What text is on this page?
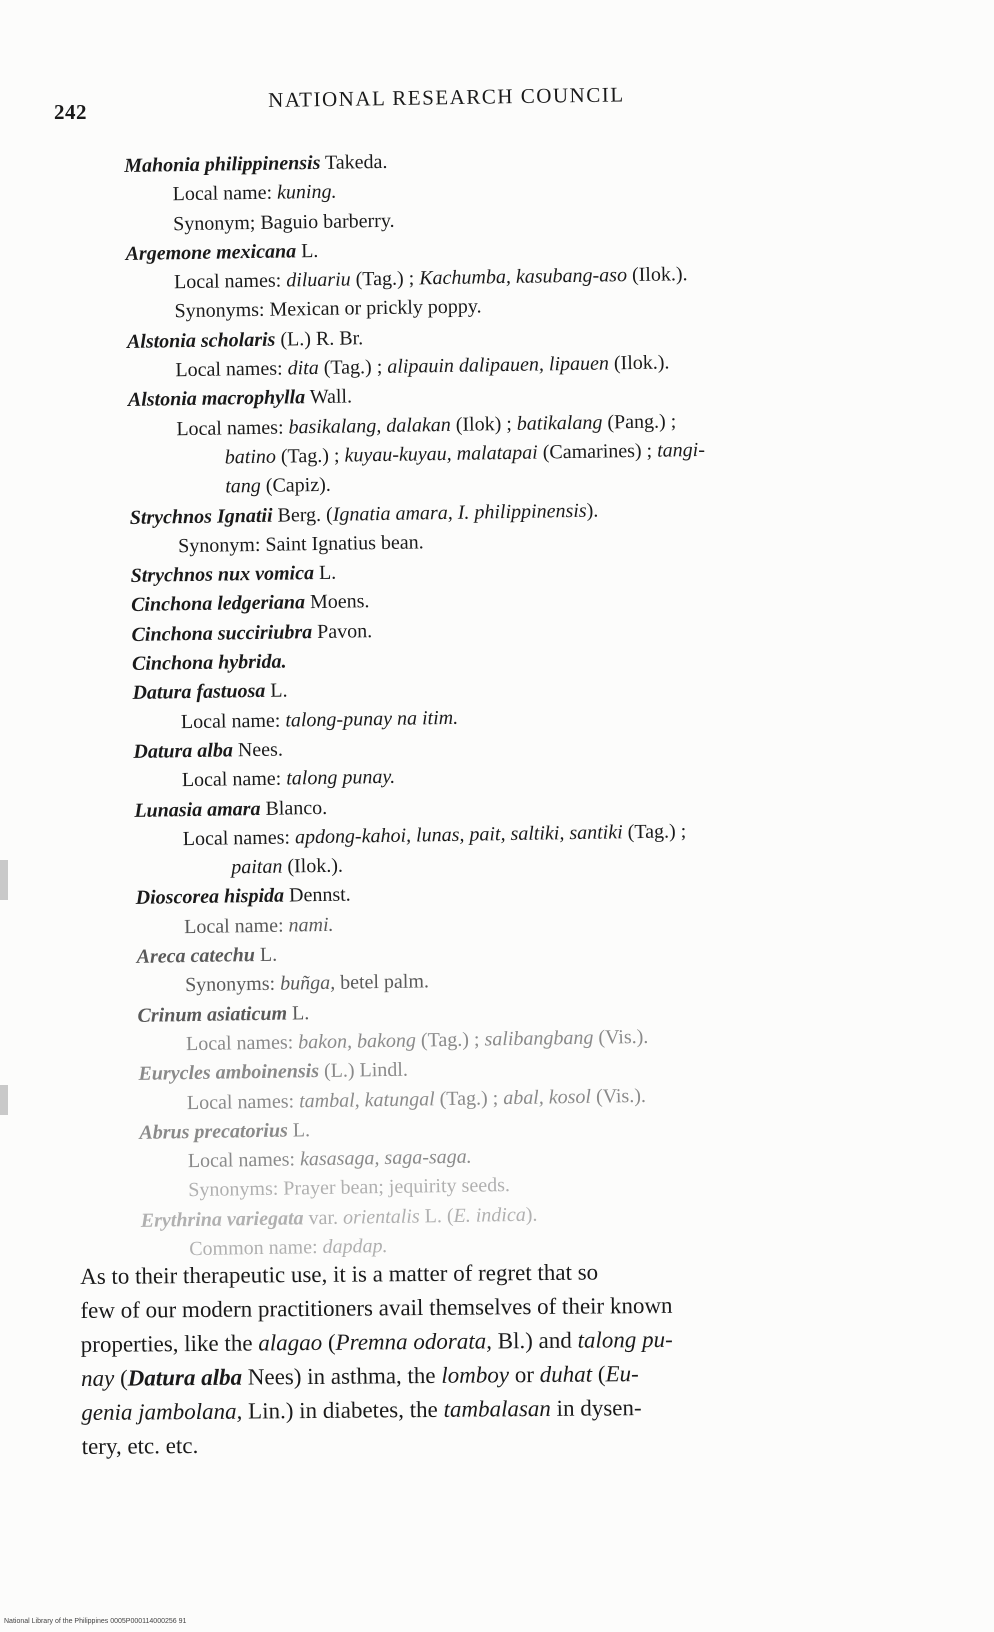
242
NATIONAL RESEARCH COUNCIL
Mahonia philippinensis Takeda.
Local name: kuning.
Synonym; Baguio barberry.
Argemone mexicana L.
Local names: diluariu (Tag.) ; Kachumba, kasubang-aso (Ilok.).
Synonyms: Mexican or prickly poppy.
Alstonia scholaris (L.) R. Br.
Local names: dita (Tag.) ; alipauin dalipauen, lipauen (Ilok.).
Alstonia macrophylla Wall.
Local names: basikalang, dalakan (Ilok) ; batikalang (Pang.) ;
batino (Tag.) ; kuyau-kuyau, malatapai (Camarines) ; tangi-
tang (Capiz).
Strychnos Ignatii Berg. (Ignatia amara, I. philippinensis).
Synonym: Saint Ignatius bean.
Strychnos nux vomica L.
Cinchona ledgeriana Moens.
Cinchona succiriubra Pavon.
Cinchona hybrida.
Datura fastuosa L.
Local name: talong-punay na itim.
Datura alba Nees.
Local name: talong punay.
Lunasia amara Blanco.
Local names: apdong-kahoi, lunas, pait, saltiki, santiki (Tag.) ;
paitan (Ilok.).
Dioscorea hispida Dennst.
Local name: nami.
Areca catechu L.
Synonyms: buñga, betel palm.
Crinum asiaticum L.
Local names: bakon, bakong (Tag.) ; salibangbang (Vis.).
Eurycles amboinensis (L.) Lindl.
Local names: tambal, katungal (Tag.) ; abal, kosol (Vis.).
Abrus precatorius L.
Local names: kasasaga, saga-saga.
Synonyms: Prayer bean; jequirity seeds.
Erythrina variegata var. orientalis L. (E. indica).
Common name: dapdap.
As to their therapeutic use, it is a matter of regret that so
few of our modern practitioners avail themselves of their known
properties, like the alagao (Premna odorata, Bl.) and talong pu-
nay (Datura alba Nees) in asthma, the lomboy or duhat (Eu-
genia jambolana, Lin.) in diabetes, the tambalasan in dysen-
tery, etc. etc.
National Library of the Philippines 0005P000114000256 91
